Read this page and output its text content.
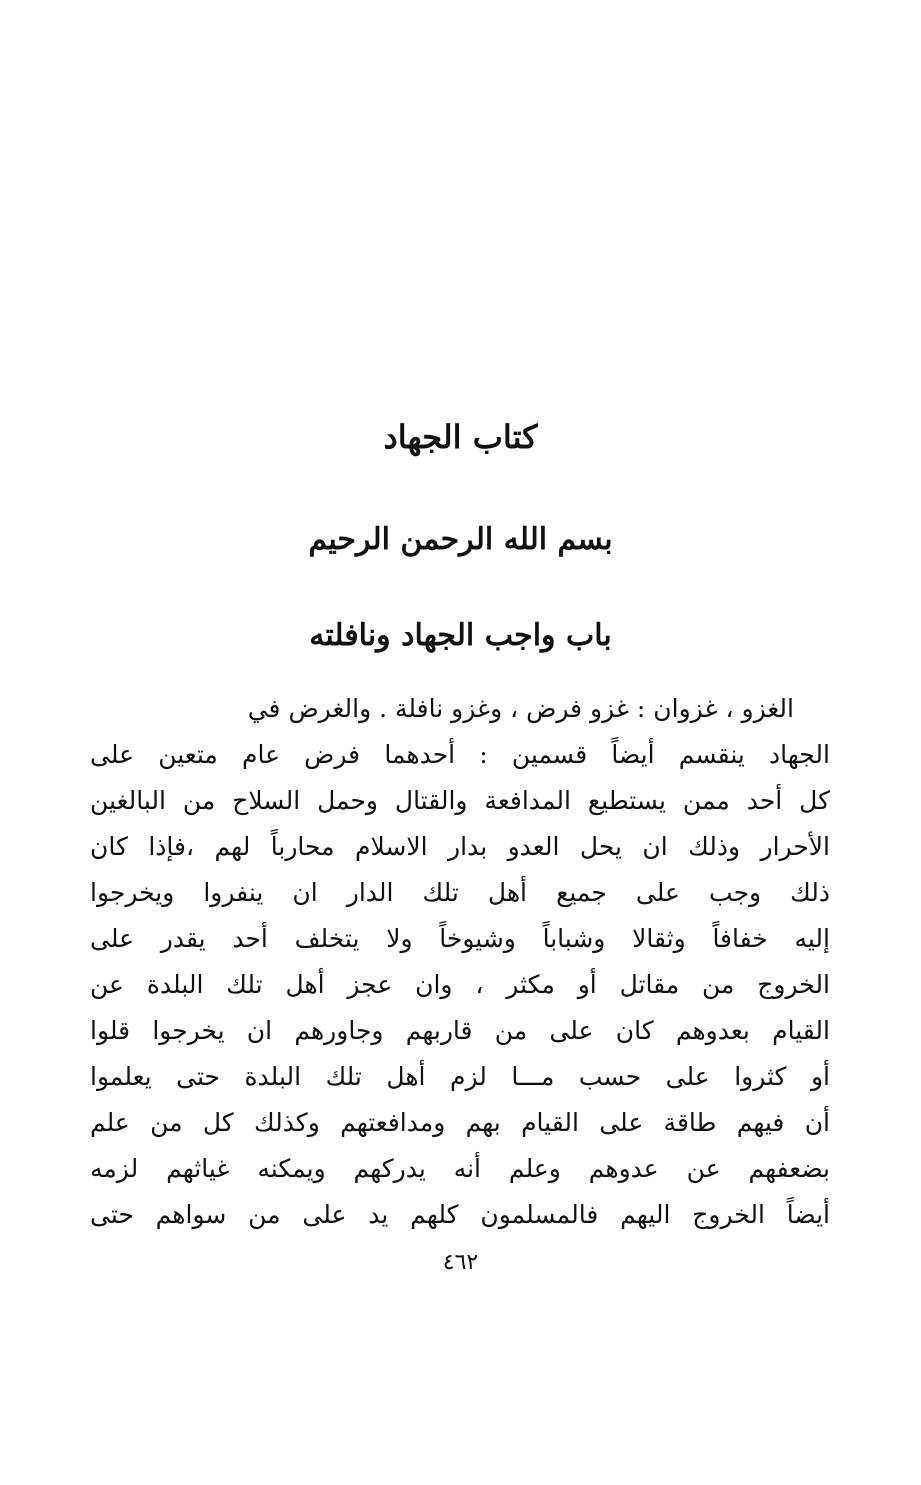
كتاب الجهاد
بسم الله الرحمن الرحيم
باب واجب الجهاد ونافلته
الغزو ، غزوان : غزو فرض ، وغزو نافلة . والغرض في
الجهاد ينقسم أيضاً قسمين : أحدهما فرض عام متعين على
كل أحد ممن يستطيع المدافعة والقتال وحمل السلاح من البالغين
الأحرار وذلك ان يحل العدو بدار الاسلام محارباً لهم ،فإذا كان
ذلك وجب على جميع أهل تلك الدار ان ينفروا ويخرجوا
إليه خفافاً وثقالا وشباباً وشيوخاً ولا يتخلف أحد يقدر على
الخروج من مقاتل أو مكثر ، وان عجز أهل تلك البلدة عن
القيام بعدوهم كان على من قاربهم وجاورهم ان يخرجوا قلوا
أو كثروا على حسب مـــا لزم أهل تلك البلدة حتى يعلموا
أن فيهم طاقة على القيام بهم ومدافعتهم وكذلك كل من علم
بضعفهم عن عدوهم وعلم أنه يدركهم ويمكنه غياثهم لزمه
أيضاً الخروج اليهم فالمسلمون كلهم يد على من سواهم حتى
٤٦٢
